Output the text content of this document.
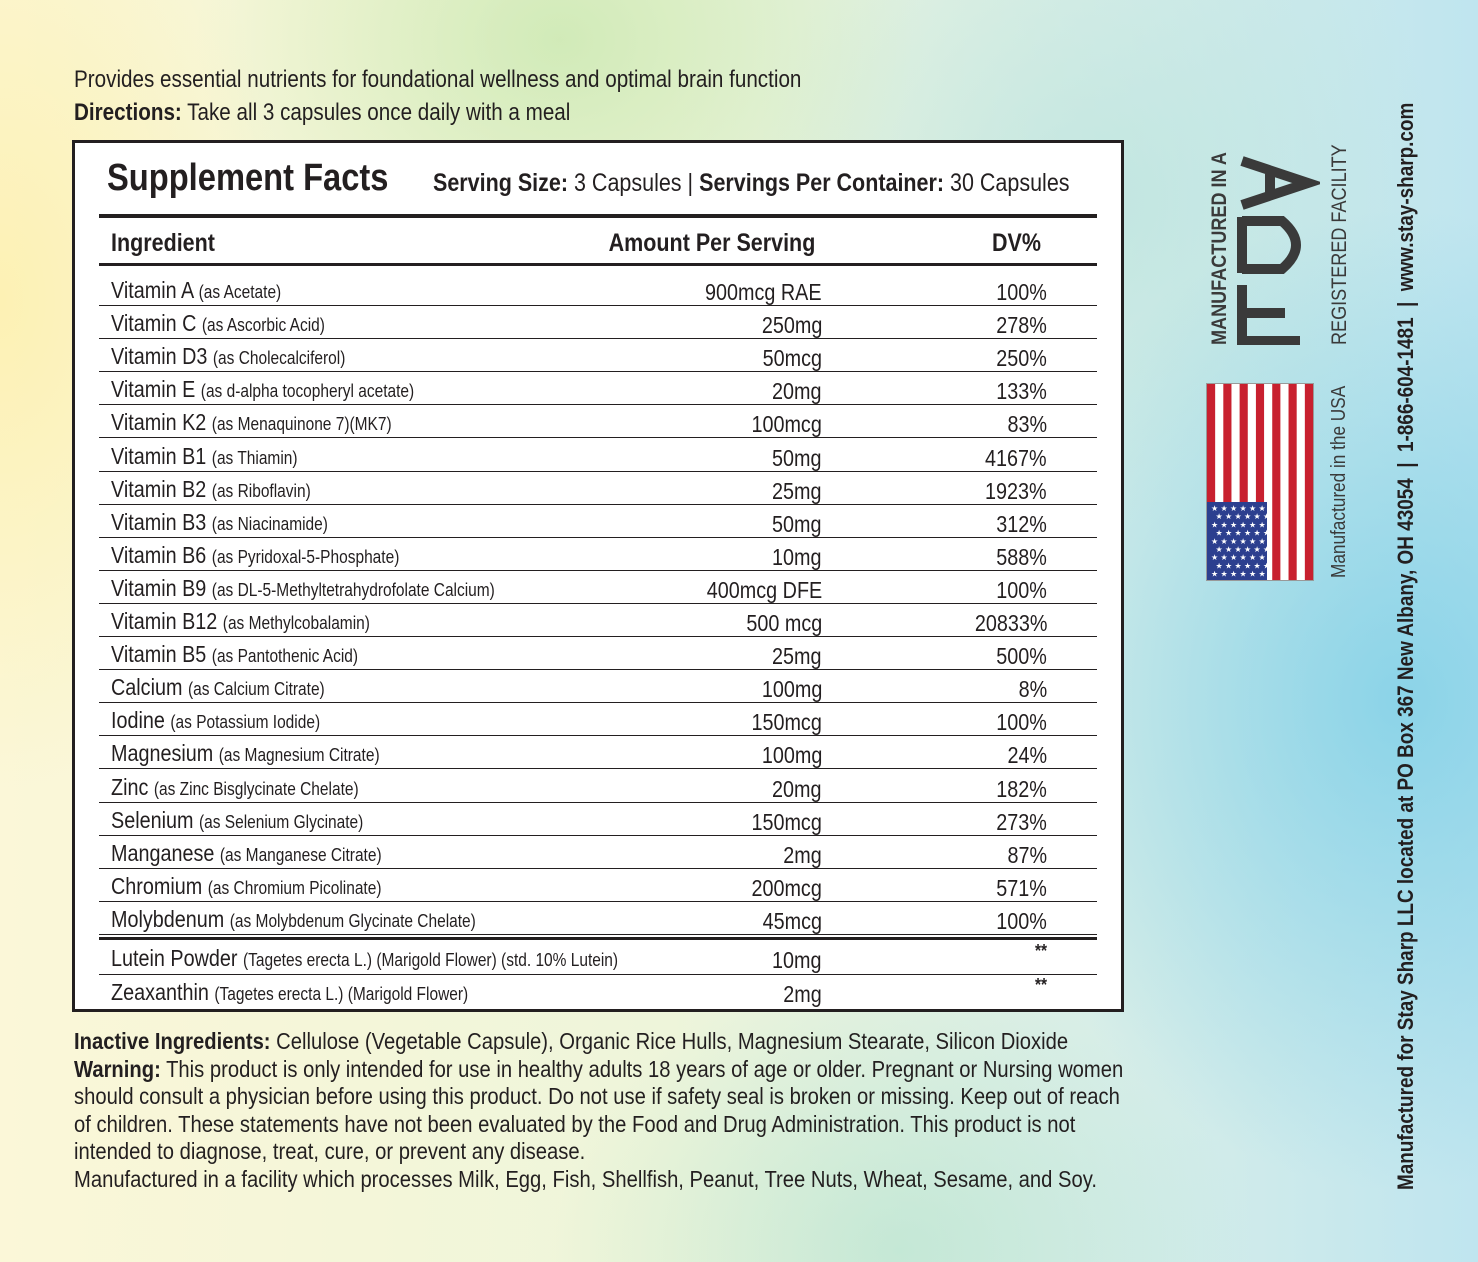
Provides essential nutrients for foundational wellness and optimal brain function
Directions: Take all 3 capsules once daily with a meal
Supplement Facts Serving Size: 3 Capsules | Servings Per Container: 30 Capsules
Ingredient	Amount Per Serving	DV%
Vitamin A (as Acetate)	900mcg RAE	100%
Vitamin C (as Ascorbic Acid)	250mg	278%
Vitamin D3 (as Cholecalciferol)	50mcg	250%
Vitamin E (as d-alpha tocopheryl acetate)	20mg	133%
Vitamin K2 (as Menaquinone 7)(MK7)	100mcg	83%
Vitamin B1 (as Thiamin)	50mg	4167%
Vitamin B2 (as Riboflavin)	25mg	1923%
Vitamin B3 (as Niacinamide)	50mg	312%
Vitamin B6 (as Pyridoxal-5-Phosphate)	10mg	588%
Vitamin B9 (as DL-5-Methyltetrahydrofolate Calcium)	400mcg DFE	100%
Vitamin B12 (as Methylcobalamin)	500 mcg	20833%
Vitamin B5 (as Pantothenic Acid)	25mg	500%
Calcium (as Calcium Citrate)	100mg	8%
Iodine (as Potassium Iodide)	150mcg	100%
Magnesium (as Magnesium Citrate)	100mg	24%
Zinc (as Zinc Bisglycinate Chelate)	20mg	182%
Selenium (as Selenium Glycinate)	150mcg	273%
Manganese (as Manganese Citrate)	2mg	87%
Chromium (as Chromium Picolinate)	200mcg	571%
Molybdenum (as Molybdenum Glycinate Chelate)	45mcg	100%
Lutein Powder (Tagetes erecta L.) (Marigold Flower) (std. 10% Lutein)	10mg	**
Zeaxanthin (Tagetes erecta L.) (Marigold Flower)	2mg	**

Inactive Ingredients: Cellulose (Vegetable Capsule), Organic Rice Hulls, Magnesium Stearate, Silicon Dioxide

Warning: This product is only intended for use in healthy adults 18 years of age or older. Pregnant or Nursing women should consult a physician before using this product. Do not use if safety seal is broken or missing. Keep out of reach of children. These statements have not been evaluated by the Food and Drug Administration. This product is not intended to diagnose, treat, cure, or prevent any disease.

Manufactured in a facility which processes Milk, Egg, Fish, Shellfish, Peanut, Tree Nuts, Wheat, Sesame, and Soy.

MANUFACTURED IN A	REGISTERED FACILITY
★
★
★
★
★
★
★
★
★
★
★
★
★
★
★
★
★
★
★
★
★
★
★
★
★
★
★
★
★
★
★
★
★
★
★
★
★
★
★
★
★
★
★
★
★
★
★
★
★
★
★
★
★
★	Manufactured in the USA Manufactured for Stay Sharp LLC located at PO Box 367 New Albany, OH 43054 | 1-866-604-1481 | www.stay-sharp.com
